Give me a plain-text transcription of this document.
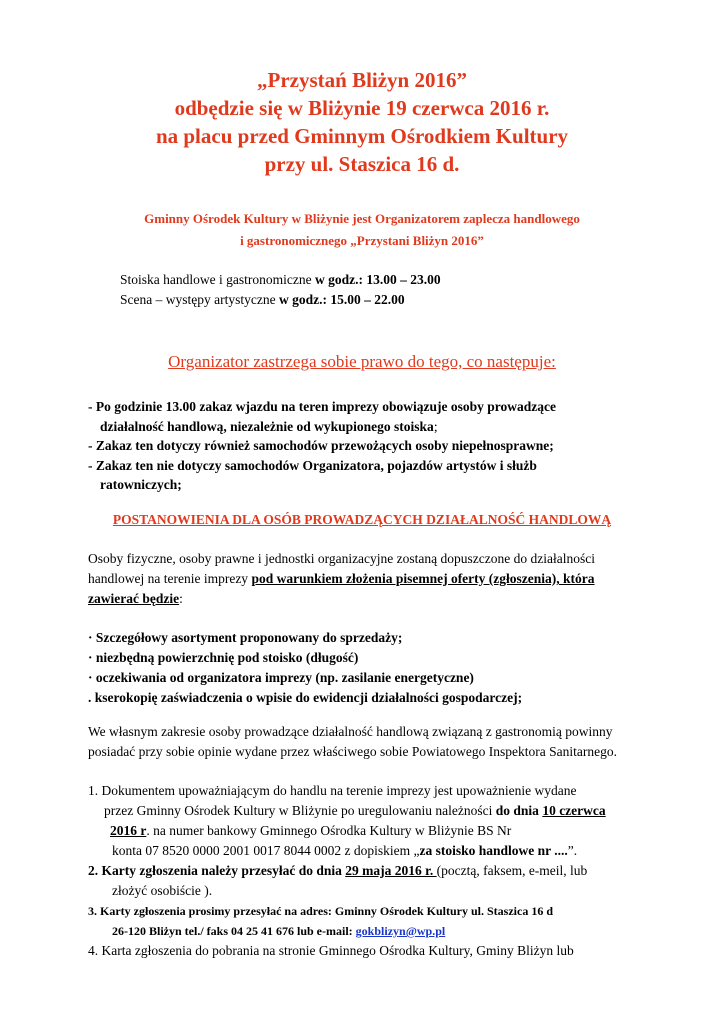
„Przystań Bliżyn 2016”
odbędzie się w Bliżynie 19 czerwca 2016 r.
na placu przed Gminnym Ośrodkiem Kultury
przy ul. Staszica 16 d.
Gminny Ośrodek Kultury w Bliżynie jest Organizatorem zaplecza handlowego
i gastronomicznego „Przystani Bliżyn 2016”
Stoiska handlowe i gastronomiczne w godz.: 13.00 – 23.00
Scena – występy artystyczne w godz.: 15.00 – 22.00
Organizator zastrzega sobie prawo do tego, co następuje:
- Po godzinie 13.00 zakaz wjazdu na teren imprezy obowiązuje osoby prowadzące
działalność handlową, niezależnie od wykupionego stoiska;
- Zakaz ten dotyczy również samochodów przewożących osoby niepełnosprawne;
- Zakaz ten nie dotyczy samochodów Organizatora, pojazdów artystów i służb
ratowniczych;
POSTANOWIENIA DLA OSÓB PROWADZĄCYCH DZIAŁALNOŚĆ HANDLOWĄ
Osoby fizyczne, osoby prawne i jednostki organizacyjne zostaną dopuszczone do działalności handlowej na terenie imprezy pod warunkiem złożenia pisemnej oferty (zgłoszenia), która zawierać będzie:
· Szczegółowy asortyment proponowany do sprzedaży;
· niezbędną powierzchnię pod stoisko (długość)
· oczekiwania od organizatora imprezy (np. zasilanie energetyczne)
. kserokopię zaświadczenia o wpisie do ewidencji działalności gospodarczej;
We własnym zakresie osoby prowadzące działalność handlową związaną z gastronomią powinny posiadać przy sobie opinie wydane przez właściwego sobie Powiatowego Inspektora Sanitarnego.
1. Dokumentem upoważniającym do handlu na terenie imprezy jest upoważnienie wydane
przez Gminny Ośrodek Kultury w Bliżynie po uregulowaniu należności do dnia 10 czerwca
2016 r. na numer bankowy Gminnego Ośrodka Kultury w Bliżynie BS Nr
konta 07 8520 0000 2001 0017 8044 0002 z dopiskiem „za stoisko handlowe nr ....”.
2. Karty zgłoszenia należy przesyłać do dnia 29 maja 2016 r. (pocztą, faksem, e-meil, lub
złożyć osobiście ).
3. Karty zgłoszenia prosimy przesyłać na adres: Gminny Ośrodek Kultury ul. Staszica 16 d
26-120 Bliżyn tel./ faks 04 25 41 676 lub e-mail: gokblizyn@wp.pl
4. Karta zgłoszenia do pobrania na stronie Gminnego Ośrodka Kultury, Gminy Bliżyn lub
